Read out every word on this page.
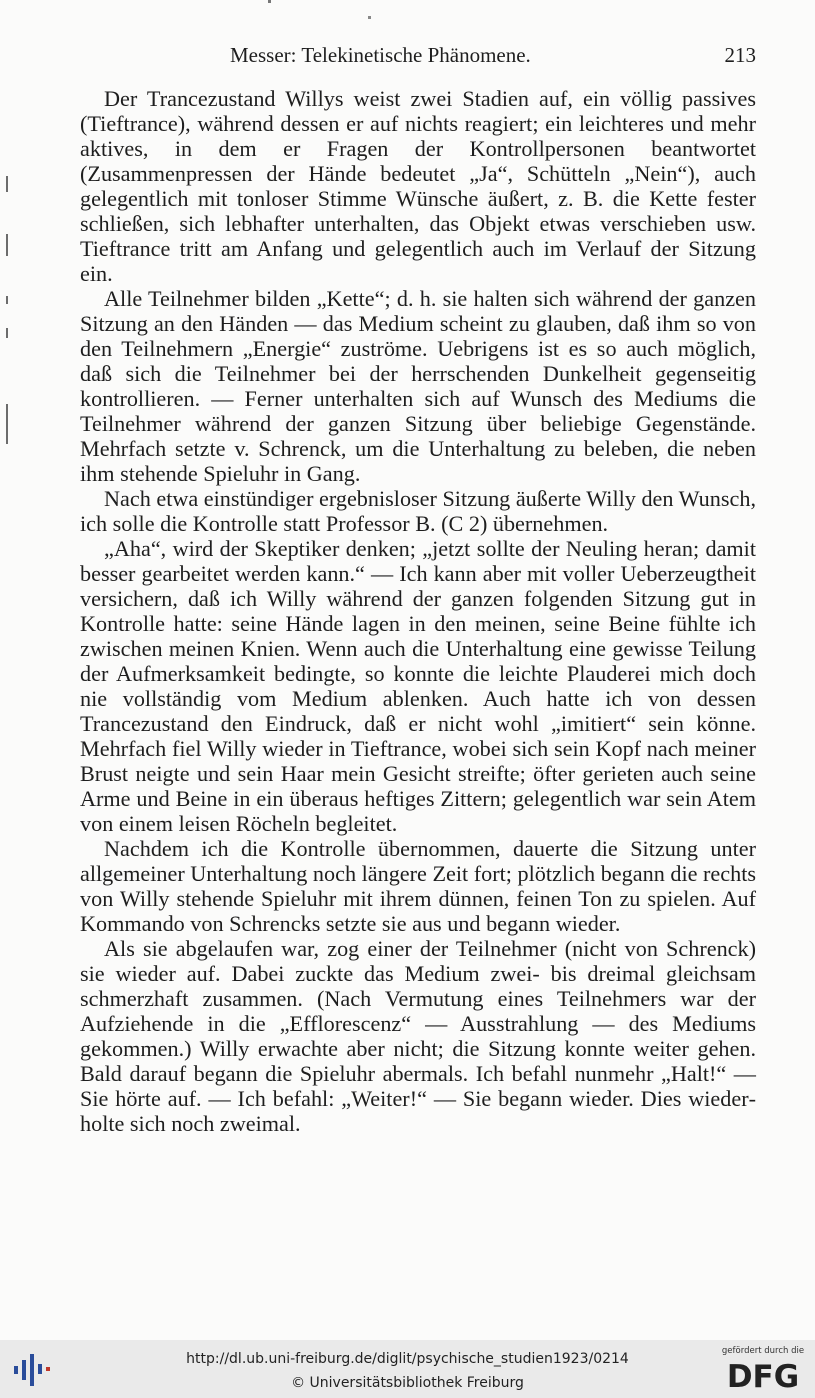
Messer: Telekinetische Phänomene.	213

Der Trancezustand Willys weist zwei Stadien auf, ein völlig passives (Tieftrance), während dessen er auf nichts reagiert; ein leichteres und mehr aktives, in dem er Fragen der Kontrollpersonen beantwortet (Zusammenpressen der Hände bedeutet „Ja“, Schütteln „Nein“), auch gelegentlich mit tonloser Stimme Wünsche äußert, z. B. die Kette fester schließen, sich lebhafter unterhalten, das Objekt etwas verschieben usw. Tieftrance tritt am Anfang und gelegentlich auch im Verlauf der Sitzung ein.

Alle Teilnehmer bilden „Kette“; d. h. sie halten sich während der ganzen Sitzung an den Händen — das Medium scheint zu glauben, daß ihm so von den Teilnehmern „Energie“ zuströme. Uebrigens ist es so auch möglich, daß sich die Teilnehmer bei der herrschenden Dunkelheit gegenseitig kontrollieren. — Ferner unterhalten sich auf Wunsch des Mediums die Teilnehmer während der ganzen Sitzung über beliebige Gegenstände. Mehrfach setzte v. Schrenck, um die Unterhaltung zu beleben, die neben ihm stehende Spieluhr in Gang.

Nach etwa einstündiger ergebnisloser Sitzung äußerte Willy den Wunsch, ich solle die Kontrolle statt Professor B. (C 2) übernehmen.

„Aha“, wird der Skeptiker denken; „jetzt sollte der Neuling heran; damit besser gearbeitet werden kann.“ — Ich kann aber mit voller Ueberzeugtheit versichern, daß ich Willy während der ganzen folgenden Sitzung gut in Kontrolle hatte: seine Hände lagen in den meinen, seine Beine fühlte ich zwischen meinen Knien. Wenn auch die Unterhaltung eine gewisse Teilung der Aufmerksamkeit bedingte, so konnte die leichte Plauderei mich doch nie vollständig vom Medium ablenken. Auch hatte ich von dessen Trancezustand den Eindruck, daß er nicht wohl „imitiert“ sein könne. Mehrfach fiel Willy wieder in Tieftrance, wobei sich sein Kopf nach meiner Brust neigte und sein Haar mein Gesicht streifte; öfter gerieten auch seine Arme und Beine in ein überaus heftiges Zittern; gelegentlich war sein Atem von einem leisen Röcheln begleitet.

Nachdem ich die Kontrolle übernommen, dauerte die Sitzung unter allgemeiner Unterhaltung noch längere Zeit fort; plötzlich begann die rechts von Willy stehende Spieluhr mit ihrem dünnen, feinen Ton zu spielen. Auf Kommando von Schrencks setzte sie aus und begann wieder.

Als sie abgelaufen war, zog einer der Teilnehmer (nicht von Schrenck) sie wieder auf. Dabei zuckte das Medium zwei- bis dreimal gleichsam schmerzhaft zusammen. (Nach Vermutung eines Teilnehmers war der Aufziehende in die „Efflorescenz“ — Ausstrahlung — des Mediums gekommen.) Willy erwachte aber nicht; die Sitzung konnte weiter gehen. Bald darauf begann die Spieluhr abermals. Ich befahl nunmehr „Halt!“ — Sie hörte auf. — Ich befahl: „Weiter!“ — Sie begann wieder. Dies wiederholte sich noch zweimal.

http://dl.ub.uni-freiburg.de/diglit/psychische_studien1923/0214
© Universitätsbibliothek Freiburg
gefördert durch die
DFG
